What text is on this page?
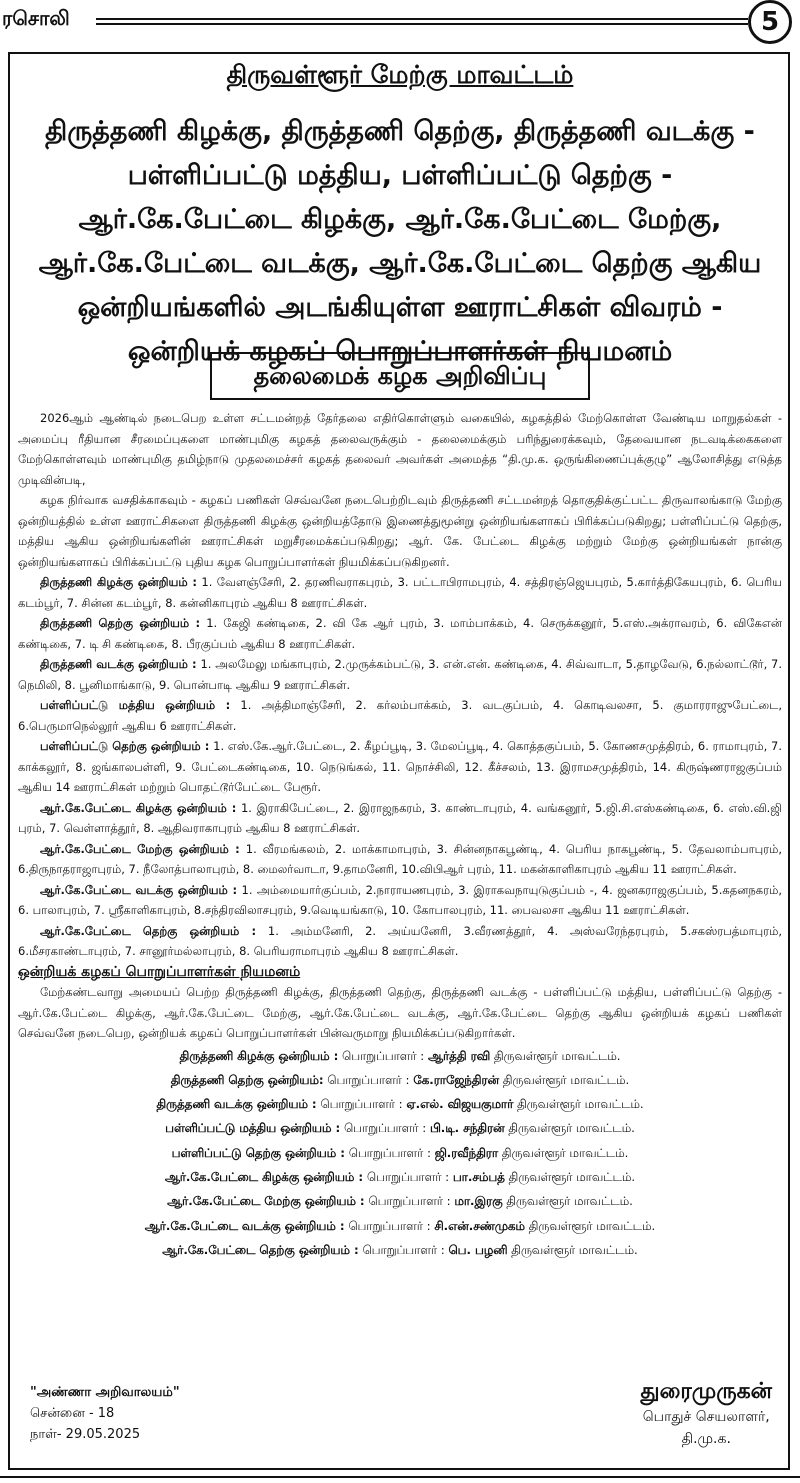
ரசொலி	5
திருவள்ளூர் மேற்கு மாவட்டம்
திருத்தணி கிழக்கு, திருத்தணி தெற்கு, திருத்தணி வடக்கு - பள்ளிப்பட்டு மத்திய, பள்ளிப்பட்டு தெற்கு - ஆர்.கே.பேட்டை கிழக்கு, ஆர்.கே.பேட்டை மேற்கு, ஆர்.கே.பேட்டை வடக்கு, ஆர்.கே.பேட்டை தெற்கு ஆகிய ஒன்றியங்களில் அடங்கியுள்ள ஊராட்சிகள் விவரம் - ஒன்றியக் கழகப் பொறுப்பாளர்கள் நியமனம்
தலைமைக் கழக அறிவிப்பு

2026ஆம் ஆண்டில் நடைபெற உள்ள சட்டமன்றத் தேர்தலை எதிர்கொள்ளும் வகையில், கழகத்தில் மேற்கொள்ள வேண்டிய மாறுதல்கள் - அமைப்பு ரீதியான சீரமைப்புகளை மாண்புமிகு கழகத் தலைவருக்கும் - தலைமைக்கும் பரிந்துரைக்கவும், தேவையான நடவடிக்கைகளை மேற்கொள்ளவும் மாண்புமிகு தமிழ்நாடு முதலமைச்சர் கழகத் தலைவர் அவர்கள் அமைத்த “தி.மு.க. ஒருங்கிணைப்புக்குழு” ஆலோசித்து எடுத்த முடிவின்படி,

கழக நிர்வாக வசதிக்காகவும் - கழகப் பணிகள் செவ்வனே நடைபெற்றிடவும் திருத்தணி சட்டமன்றத் தொகுதிக்குட்பட்ட திருவாலங்காடு மேற்கு ஒன்றியத்தில் உள்ள ஊராட்சிகளை திருத்தணி கிழக்கு ஒன்றியத்தோடு இணைத்துமூன்று ஒன்றியங்களாகப் பிரிக்கப்படுகிறது; பள்ளிப்பட்டு தெற்கு, மத்திய ஆகிய ஒன்றியங்களின் ஊராட்சிகள் மறுசீரமைக்கப்படுகிறது; ஆர். கே. பேட்டை கிழக்கு மற்றும் மேற்கு ஒன்றியங்கள் நான்கு ஒன்றியங்களாகப் பிரிக்கப்பட்டு புதிய கழக பொறுப்பாளர்கள் நியமிக்கப்படுகிறனர்.

திருத்தணி கிழக்கு ஒன்றியம் : 1. வேளஞ்சேரி, 2. தரணிவராகபுரம், 3. பட்டாபிராமபுரம், 4. சத்திரஞ்ஜெயபுரம், 5.கார்த்திகேயபுரம், 6. பெரிய கடம்பூர், 7. சின்ன கடம்பூர், 8. கன்னிகாபுரம் ஆகிய 8 ஊராட்சிகள்.

திருத்தணி தெற்கு ஒன்றியம் : 1. கேஜி கண்டிகை, 2. வி கே ஆர் புரம், 3. மாம்பாக்கம், 4. செருக்கனூர், 5.எஸ்.அக்ராவரம், 6. விகேஎன் கண்டிகை, 7. டி சி கண்டிகை, 8. பீரகுப்பம் ஆகிய 8 ஊராட்சிகள்.

திருத்தணி வடக்கு ஒன்றியம் : 1. அலமேலு மங்காபுரம், 2.முருக்கம்பட்டு, 3. என்.என். கண்டிகை, 4. சிவ்வாடா, 5.தாழவேடு, 6.நல்லாட்டூர், 7. நெமிலி, 8. பூனிமாங்காடு, 9. பொன்பாடி ஆகிய 9 ஊராட்சிகள்.

பள்ளிப்பட்டு மத்திய ஒன்றியம் : 1. அத்திமாஞ்சேரி, 2. கர்லம்பாக்கம், 3. வடகுப்பம், 4. கொடிவலசா, 5. குமாரராஜுபேட்டை, 6.பெருமாநெல்லூர் ஆகிய 6 ஊராட்சிகள்.

பள்ளிப்பட்டு தெற்கு ஒன்றியம் : 1. எஸ்.கே.ஆர்.பேட்டை, 2. கீழப்பூடி, 3. மேலப்பூடி, 4. கொத்தகுப்பம், 5. கோணசமுத்திரம், 6. ராமாபுரம், 7. காக்கலூர், 8. ஜங்காலபள்ளி, 9. பேட்டைகண்டிகை, 10. நெடுங்கல், 11. நொச்சிலி, 12. கீச்சலம், 13. இராமசமுத்திரம், 14. கிருஷ்ணராஜகுப்பம் ஆகிய 14 ஊராட்சிகள் மற்றும் பொதட்டூர்பேட்டை பேரூர்.

ஆர்.கே.பேட்டை கிழக்கு ஒன்றியம் : 1. இராகிபேட்டை, 2. இராஜநகரம், 3. காண்டாபுரம், 4. வங்கனூர், 5.ஜி.சி.எஸ்கண்டிகை, 6. எஸ்.வி.ஜி புரம், 7. வெள்ளாத்தூர், 8. ஆதிவராகாபுரம் ஆகிய 8 ஊராட்சிகள்.

ஆர்.கே.பேட்டை மேற்கு ஒன்றியம் : 1. வீரமங்கலம், 2. மாக்காமாபுரம், 3. சின்னநாகபூண்டி, 4. பெரிய நாகபூண்டி, 5. தேவலாம்பாபுரம், 6.திருநாதராஜாபுரம், 7. நீலோத்பாலாபுரம், 8. மைலர்வாடா, 9.தாமனேரி, 10.விபிஆர் புரம், 11. மகன்காளிகாபுரம் ஆகிய 11 ஊராட்சிகள்.

ஆர்.கே.பேட்டை வடக்கு ஒன்றியம் : 1. அம்மையார்குப்பம், 2.நாராயணபுரம், 3. இராகவநாயுடுகுப்பம் -, 4. ஜனகராஜகுப்பம், 5.கதனநகரம், 6. பாலாபுரம், 7. ஸ்ரீகாளிகாபுரம், 8.சந்திரவிலாசபுரம், 9.வெடியங்காடு, 10. கோபாலபுரம், 11. பைவலசா ஆகிய 11 ஊராட்சிகள்.

ஆர்.கே.பேட்டை தெற்கு ஒன்றியம் : 1. அம்மனேரி, 2. அய்யனேரி, 3.வீரணத்தூர், 4. அஸ்வரேந்தரபுரம், 5.சகஸ்ரபத்மாபுரம், 6.மீசரகாண்டாபுரம், 7. சானூர்மல்லாபுரம், 8. பெரியராமாபுரம் ஆகிய 8 ஊராட்சிகள்.

ஒன்றியக் கழகப் பொறுப்பாளர்கள் நியமனம்

மேற்கண்டவாறு அமையப் பெற்ற திருத்தணி கிழக்கு, திருத்தணி தெற்கு, திருத்தணி வடக்கு - பள்ளிப்பட்டு மத்திய, பள்ளிப்பட்டு தெற்கு - ஆர்.கே.பேட்டை கிழக்கு, ஆர்.கே.பேட்டை மேற்கு, ஆர்.கே.பேட்டை வடக்கு, ஆர்.கே.பேட்டை தெற்கு ஆகிய ஒன்றியக் கழகப் பணிகள் செவ்வனே நடைபெற, ஒன்றியக் கழகப் பொறுப்பாளர்கள் பின்வருமாறு நியமிக்கப்படுகிறார்கள்.

திருத்தணி கிழக்கு ஒன்றியம் : பொறுப்பாளர் : ஆர்த்தி ரவி திருவள்ளூர் மாவட்டம்.
திருத்தணி தெற்கு ஒன்றியம்: பொறுப்பாளர் : கே.ராஜேந்திரன் திருவள்ளூர் மாவட்டம்.
திருத்தணி வடக்கு ஒன்றியம் : பொறுப்பாளர் : ஏ.எல். விஜயகுமார் திருவள்ளூர் மாவட்டம்.
பள்ளிப்பட்டு மத்திய ஒன்றியம் : பொறுப்பாளர் : பி.டி. சந்திரன் திருவள்ளூர் மாவட்டம்.
பள்ளிப்பட்டு தெற்கு ஒன்றியம் : பொறுப்பாளர் : ஜி.ரவீந்திரா திருவள்ளூர் மாவட்டம்.
ஆர்.கே.பேட்டை கிழக்கு ஒன்றியம் : பொறுப்பாளர் : பா.சம்பத் திருவள்ளூர் மாவட்டம்.
ஆர்.கே.பேட்டை மேற்கு ஒன்றியம் : பொறுப்பாளர் : மா.இரகு திருவள்ளூர் மாவட்டம்.
ஆர்.கே.பேட்டை வடக்கு ஒன்றியம் : பொறுப்பாளர் : சி.என்.சண்முகம் திருவள்ளூர் மாவட்டம்.
ஆர்.கே.பேட்டை தெற்கு ஒன்றியம் : பொறுப்பாளர் : பெ. பழனி திருவள்ளூர் மாவட்டம்.
"அண்ணா அறிவாலயம்"
சென்னை - 18
நாள்- 29.05.2025
துரைமுருகன்
பொதுச் செயலாளர்,
தி.மு.க.
